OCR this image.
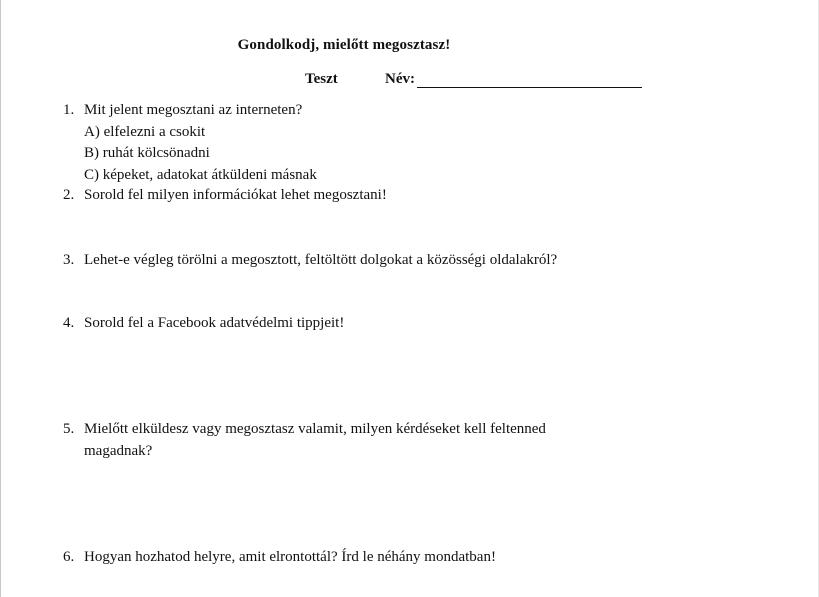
Gondolkodj, mielőtt megosztasz!
Teszt	Név:
1. Mit jelent megosztani az interneten?
A) elfelezni a csokit
B) ruhát kölcsönadni
C) képeket, adatokat átküldeni másnak
2. Sorold fel milyen információkat lehet megosztani!
3. Lehet-e végleg törölni a megosztott, feltöltött dolgokat a közösségi oldalakról?
4. Sorold fel a Facebook adatvédelmi tippjeit!
5. Mielőtt elküldesz vagy megosztasz valamit, milyen kérdéseket kell feltenned magadnak?
6. Hogyan hozhatod helyre, amit elrontottál? Írd le néhány mondatban!
